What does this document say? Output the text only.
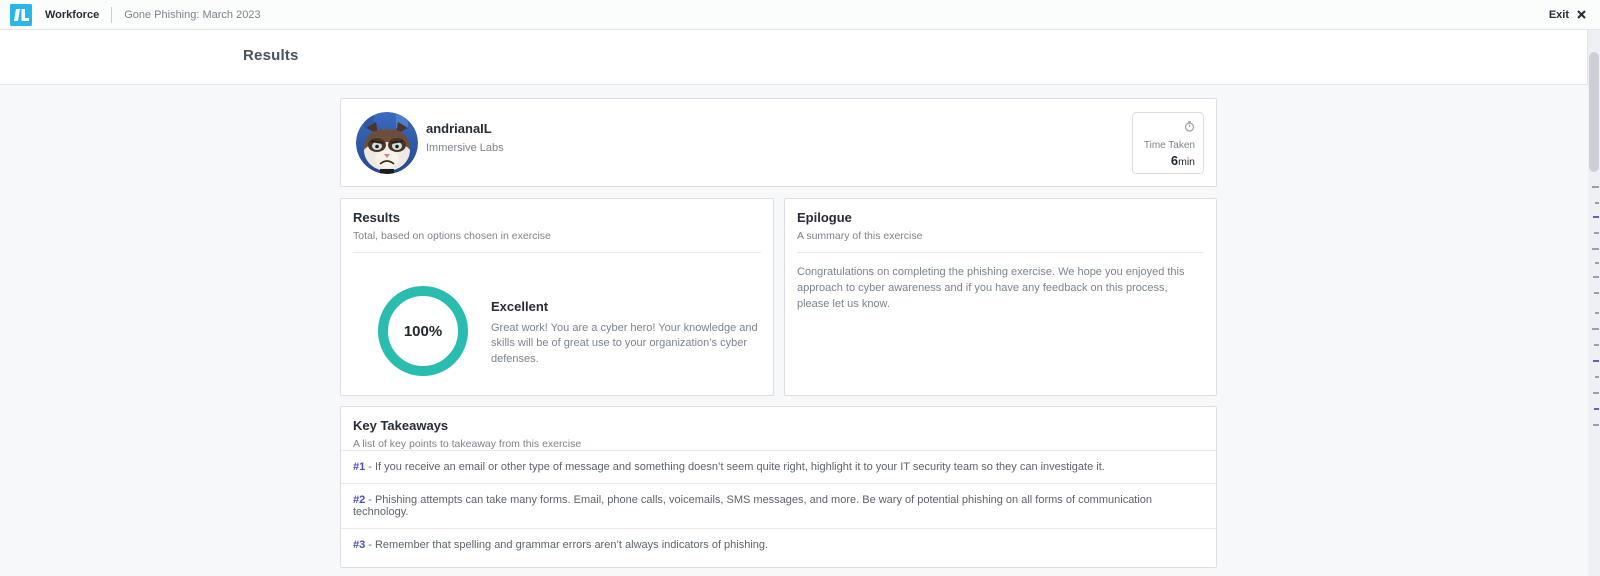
Workforce	Gone Phishing: March 2023	Exit
Results
andrianaIL
Immersive Labs	Time Taken
6min
Results
Total, based on options chosen in exercise
100%
Excellent
Great work! You are a cyber hero! Your knowledge and skills will be of great use to your organization’s cyber defenses.
Epilogue
A summary of this exercise
Congratulations on completing the phishing exercise. We hope you enjoyed this approach to cyber awareness and if you have any feedback on this process, please let us know.
Key Takeaways
A list of key points to takeaway from this exercise
#1 - If you receive an email or other type of message and something doesn’t seem quite right, highlight it to your IT security team so they can investigate it.
#2 - Phishing attempts can take many forms. Email, phone calls, voicemails, SMS messages, and more. Be wary of potential phishing on all forms of communication technology.
#3 - Remember that spelling and grammar errors aren’t always indicators of phishing.
